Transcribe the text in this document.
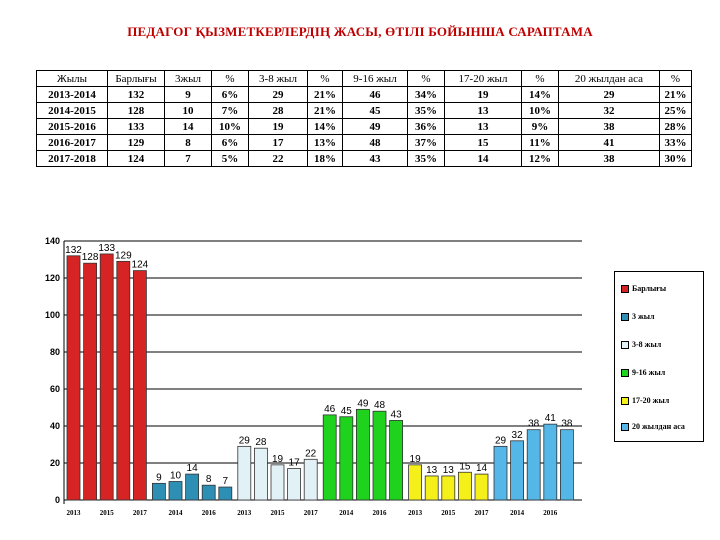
ПЕДАГОГ ҚЫЗМЕТКЕРЛЕРДІҢ ЖАСЫ, ӨТІЛІ БОЙЫНША САРАПТАМА
Жылы	Барлығы	3жыл	%	3-8 жыл	%	9-16 жыл	%	17-20 жыл	%	20 жылдан аса	%
2013-2014	132	9	6%	29	21%	46	34%	19	14%	29	21%
2014-2015	128	10	7%	28	21%	45	35%	13	10%	32	25%
2015-2016	133	14	10%	19	14%	49	36%	13	9%	38	28%
2016-2017	129	8	6%	17	13%	48	37%	15	11%	41	33%
2017-2018	124	7	5%	22	18%	43	35%	14	12%	38	30%
0
20
40
60
80
100
120
140
132
2013
128
133
2015
129
124
2017
9 10
2014
14
8
2016
7
29
2013
28
19
2015
17
22
2017
46 45
2014
49 48
2016
43
19
2013
13 13
2015
15 14
2017
29
32
2014
38
41
2016
38
Барлығы
3 жыл
3-8 жыл
9-16 жыл
17-20 жыл
20 жылдан аса
